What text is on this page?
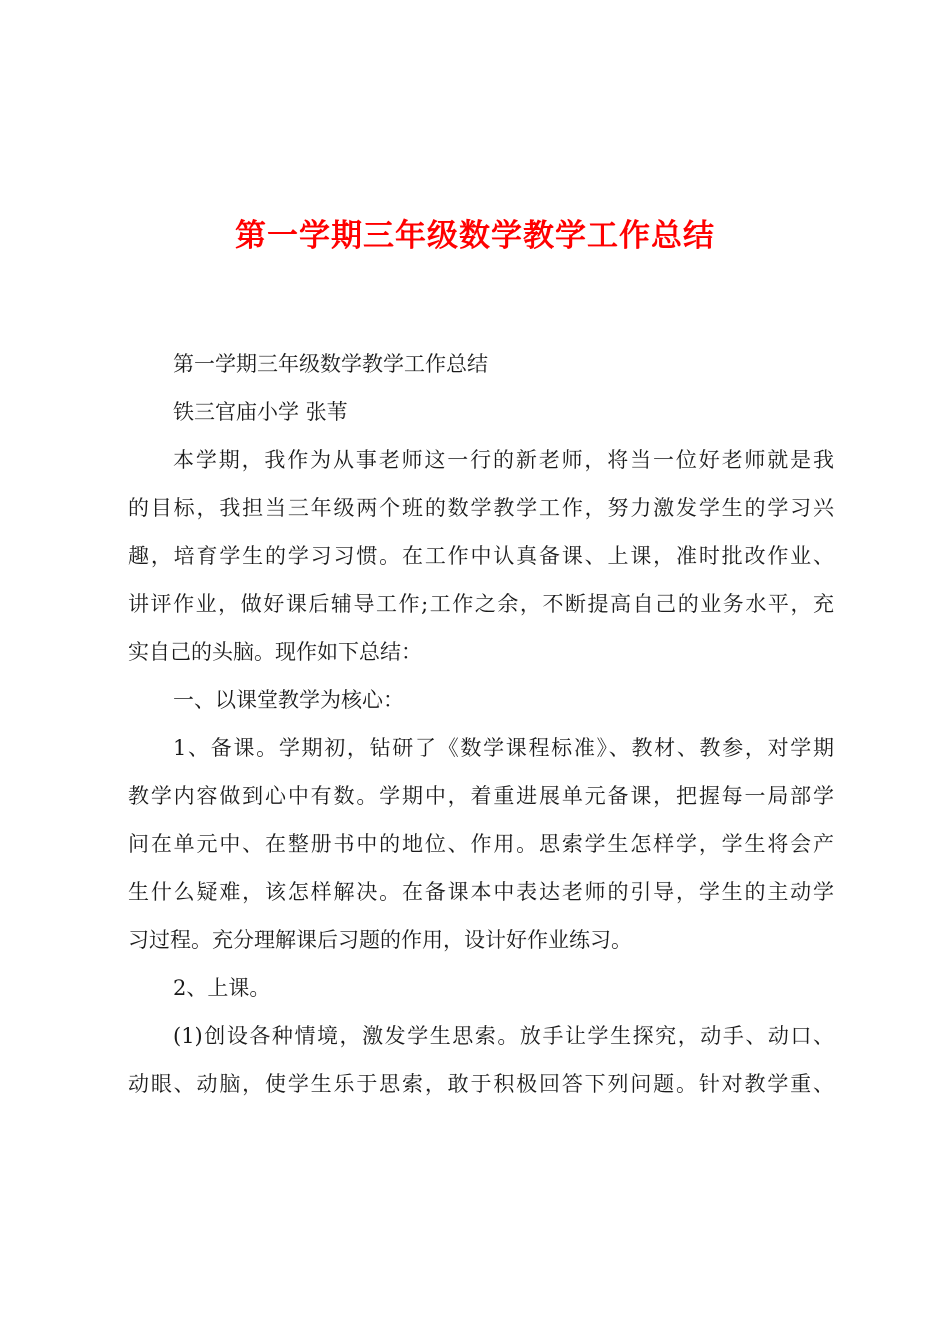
第一学期三年级数学教学工作总结
第一学期三年级数学教学工作总结
铁三官庙小学 张苇
本学期，我作为从事老师这一行的新老师，将当一位好老师就是我
的目标，我担当三年级两个班的数学教学工作，努力激发学生的学习兴
趣，培育学生的学习习惯。在工作中认真备课、上课，准时批改作业、
讲评作业，做好课后辅导工作;工作之余，不断提高自己的业务水平，充
实自己的头脑。现作如下总结：
一、以课堂教学为核心：
1、备课。学期初，钻研了《数学课程标准》、教材、教参，对学期
教学内容做到心中有数。学期中，着重进展单元备课，把握每一局部学
问在单元中、在整册书中的地位、作用。思索学生怎样学，学生将会产
生什么疑难，该怎样解决。在备课本中表达老师的引导，学生的主动学
习过程。充分理解课后习题的作用，设计好作业练习。
2、上课。
(1)创设各种情境，激发学生思索。放手让学生探究，动手、动口、
动眼、动脑，使学生乐于思索，敢于积极回答下列问题。针对教学重、
